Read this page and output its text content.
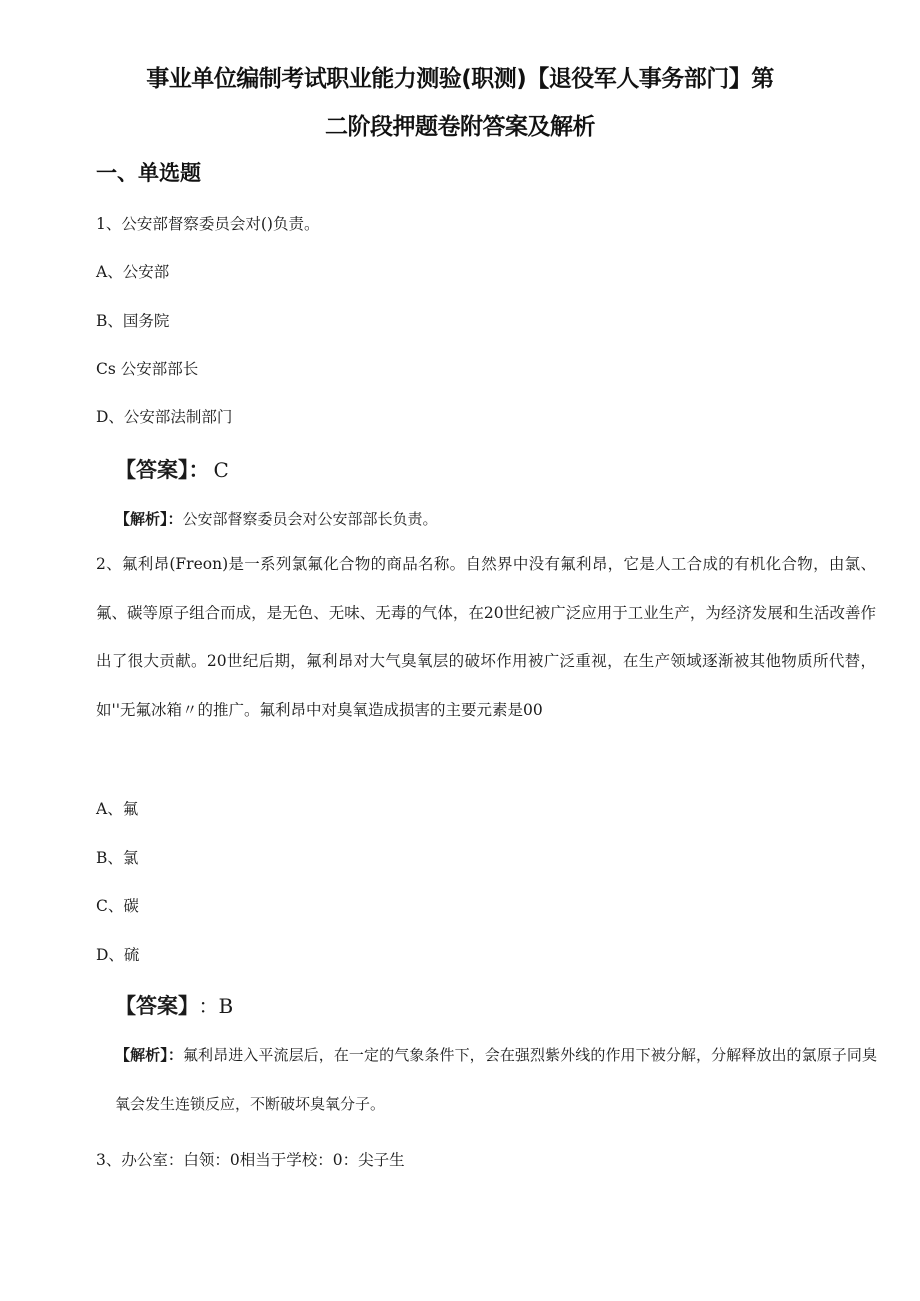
事业单位编制考试职业能力测验(职测)【退役军人事务部门】第
二阶段押题卷附答案及解析
一、单选题
1、公安部督察委员会对()负责。
A、公安部
B、国务院
Cs 公安部部长
D、公安部法制部门
【答案】： C
【解析】：公安部督察委员会对公安部部长负责。
2、氟利昂(Freon)是一系列氯氟化合物的商品名称。自然界中没有氟利昂，它是人工合成的有机化合物，由氯、氟、碳等原子组合而成，是无色、无味、无毒的气体，在20世纪被广泛应用于工业生产，为经济发展和生活改善作出了很大贡献。20世纪后期，氟利昂对大气臭氧层的破坏作用被广泛重视，在生产领域逐渐被其他物质所代替，如''无氟冰箱〃的推广。氟利昂中对臭氧造成损害的主要元素是00
A、氟
B、氯
C、碳
D、硫
【答案】 ：B
【解析】：氟利昂进入平流层后，在一定的气象条件下，会在强烈紫外线的作用下被分解，分解释放出的氯原子同臭氧会发生连锁反应，不断破坏臭氧分子。
3、办公室：白领：0相当于学校：0：尖子生
